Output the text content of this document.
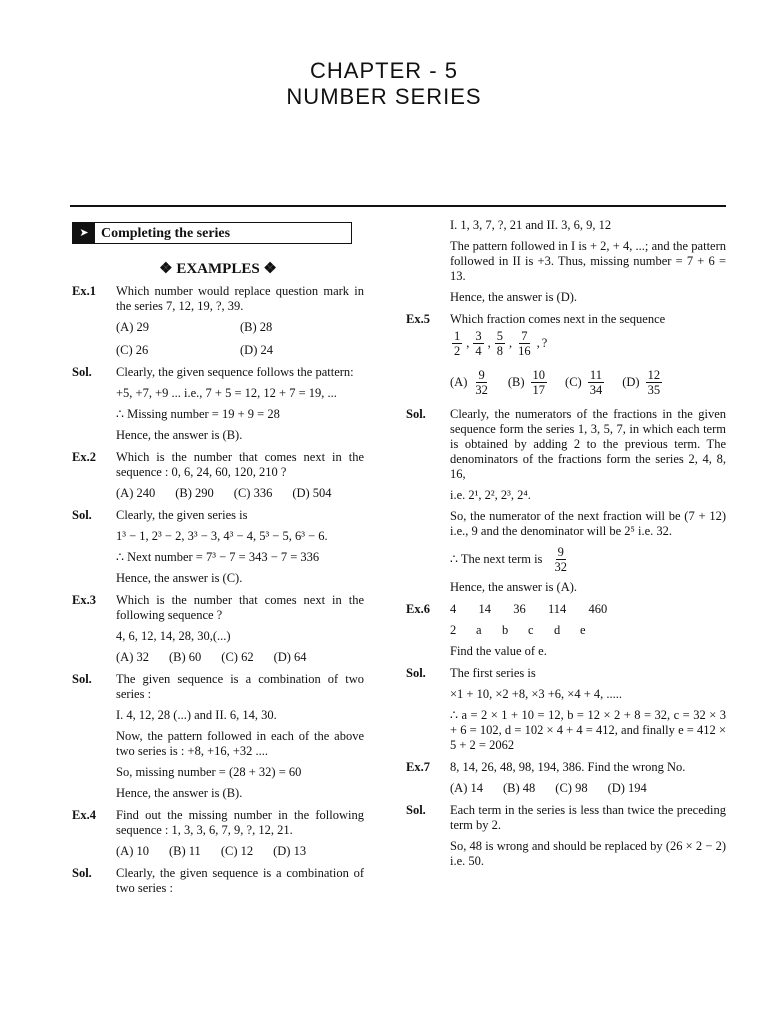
CHAPTER - 5
NUMBER SERIES
➤ Completing the series
❖ EXAMPLES ❖
Ex.1	Which number would replace question mark in the series 7, 12, 19, ?, 39.
(A) 29	(B) 28
(C) 26	(D) 24
Sol.	Clearly, the given sequence follows the pattern:
+5, +7, +9 ... i.e., 7 + 5 = 12, 12 + 7 = 19, ...
∴ Missing number = 19 + 9 = 28
Hence, the answer is (B).
Ex.2	Which is the number that comes next in the sequence : 0, 6, 24, 60, 120, 210 ?
(A) 240 (B) 290 (C) 336 (D) 504
Sol.	Clearly, the given series is
1³ − 1, 2³ − 2, 3³ − 3, 4³ − 4, 5³ − 5, 6³ − 6.
∴ Next number = 7³ − 7 = 343 − 7 = 336
Hence, the answer is (C).
Ex.3	Which is the number that comes next in the following sequence ?
4, 6, 12, 14, 28, 30,(...)
(A) 32 (B) 60 (C) 62 (D) 64
Sol.	The given sequence is a combination of two series :
I. 4, 12, 28 (...) and II. 6, 14, 30.
Now, the pattern followed in each of the above two series is : +8, +16, +32 ....
So, missing number = (28 + 32) = 60
Hence, the answer is (B).
Ex.4	Find out the missing number in the following sequence : 1, 3, 3, 6, 7, 9, ?, 12, 21.
(A) 10 (B) 11 (C) 12 (D) 13
Sol.	Clearly, the given sequence is a combination of two series :
I. 1, 3, 7, ?, 21 and II. 3, 6, 9, 12
The pattern followed in I is + 2, + 4, ...; and the pattern followed in II is +3. Thus, missing number = 7 + 6 = 13.
Hence, the answer is (D).
Ex.5	Which fraction comes next in the sequence
$\frac{1}{2}$ , $\frac{3}{4}$ , $\frac{5}{8}$ , $\frac{7}{16}$ , ?
$(A) \frac{9}{32} (B) \frac{10}{17} (C) \frac{11}{34} (D) \frac{12}{35}$
Sol.	Clearly, the numerators of the fractions in the given sequence form the series 1, 3, 5, 7, in which each term is obtained by adding 2 to the previous term. The denominators of the fractions form the series 2, 4, 8, 16,
i.e. 2¹, 2², 2³, 2⁴.
So, the numerator of the next fraction will be (7 + 12) i.e., 9 and the denominator will be 2⁵ i.e. 32.
∴ The next term is $\frac{9}{32}$
Hence, the answer is (A).
Ex.6	4 14 36 114 460
2 a b c d e
Find the value of e.
Sol.	The first series is
×1 + 10, ×2 +8, ×3 +6, ×4 + 4, .....
∴ a = 2 × 1 + 10 = 12, b = 12 × 2 + 8 = 32, c = 32 × 3 + 6 = 102, d = 102 × 4 + 4 = 412, and finally e = 412 × 5 + 2 = 2062
Ex.7	8, 14, 26, 48, 98, 194, 386. Find the wrong No.
(A) 14 (B) 48 (C) 98 (D) 194
Sol.	Each term in the series is less than twice the preceding term by 2.
So, 48 is wrong and should be replaced by (26 × 2 − 2) i.e. 50.
